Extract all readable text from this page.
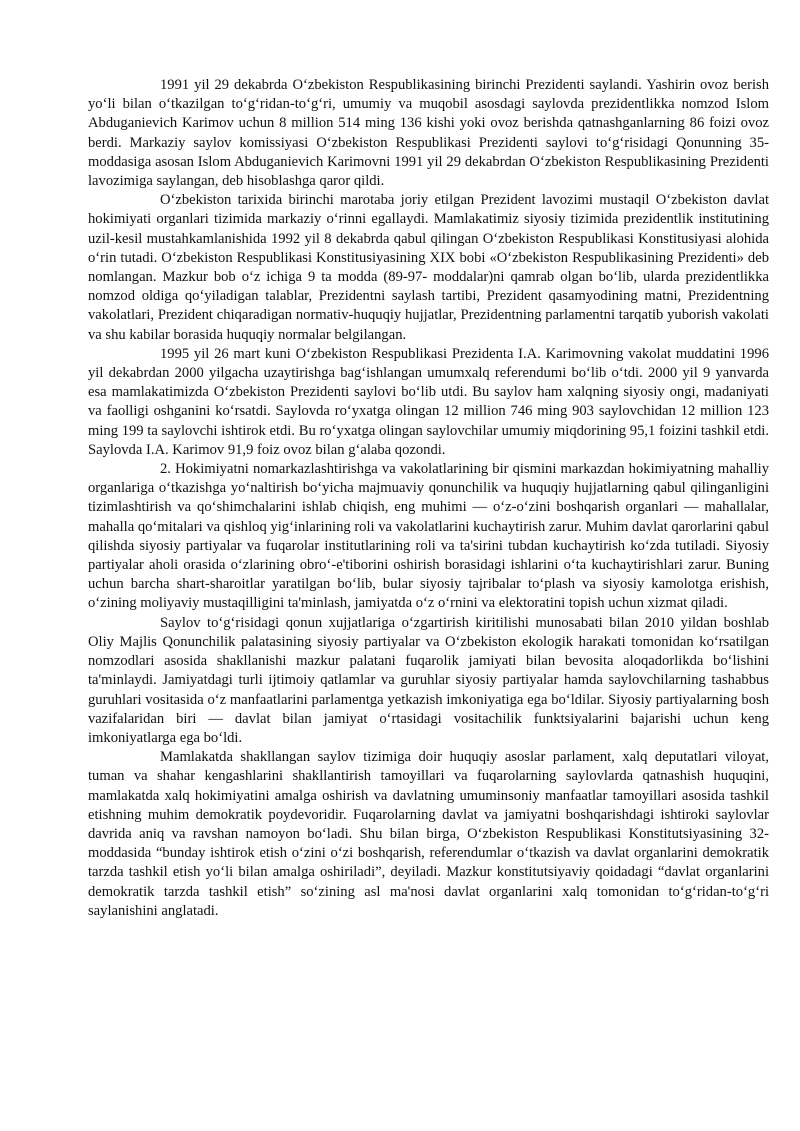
1991 yil 29 dekabrda O‘zbekiston Respublikasining birinchi Prezidenti saylandi. Yashirin ovoz berish yo‘li bilan o‘tkazilgan to‘g‘ridan-to‘g‘ri, umumiy va muqobil asosdagi saylovda prezidentlikka nomzod Islom Abduganievich Karimov uchun 8 million 514 ming 136 kishi yoki ovoz berishda qatnashganlarning 86 foizi ovoz berdi. Markaziy saylov komissiyasi O‘zbekiston Respublikasi Prezidenti saylovi to‘g‘risidagi Qonunning 35- moddasiga asosan Islom Abduganievich Karimovni 1991 yil 29 dekabrdan O‘zbekiston Respublikasining Prezidenti lavozimiga saylangan, deb hisoblashga qaror qildi.

O‘zbekiston tarixida birinchi marotaba joriy etilgan Prezident lavozimi mustaqil O‘zbekiston davlat hokimiyati organlari tizimida markaziy o‘rinni egallaydi. Mamlakatimiz siyosiy tizimida prezidentlik institutining uzil-kesil mustahkamlanishida 1992 yil 8 dekabrda qabul qilingan O‘zbekiston Respublikasi Konstitusiyasi alohida o‘rin tutadi. O‘zbekiston Respublikasi Konstitusiyasining XIX bobi «O‘zbekiston Respublikasining Prezidenti» deb nomlangan. Mazkur bob o‘z ichiga 9 ta modda (89-97- moddalar)ni qamrab olgan bo‘lib, ularda prezidentlikka nomzod oldiga qo‘yiladigan talablar, Prezidentni saylash tartibi, Prezident qasamyodining matni, Prezidentning vakolatlari, Prezident chiqaradigan normativ-huquqiy hujjatlar, Prezidentning parlamentni tarqatib yuborish vakolati va shu kabilar borasida huquqiy normalar belgilangan.

1995 yil 26 mart kuni O‘zbekiston Respublikasi Prezidenta I.A. Karimovning vakolat muddatini 1996 yil dekabrdan 2000 yilgacha uzaytirishga bag‘ishlangan umumxalq referendumi bo‘lib o‘tdi. 2000 yil 9 yanvarda esa mamlakatimizda O‘zbekiston Prezidenti saylovi bo‘lib utdi. Bu saylov ham xalqning siyosiy ongi, madaniyati va faolligi oshganini ko‘rsatdi. Saylovda ro‘yxatga olingan 12 million 746 ming 903 saylovchidan 12 million 123 ming 199 ta saylovchi ishtirok etdi. Bu ro‘yxatga olingan saylovchilar umumiy miqdorining 95,1 foizini tashkil etdi. Saylovda I.A. Karimov 91,9 foiz ovoz bilan g‘alaba qozondi.

2. Hokimiyatni nomarkazlashtirishga va vakolatlarining bir qismini markazdan hokimiyatning mahalliy organlariga o‘tkazishga yo‘naltirish bo‘yicha majmuaviy qonunchilik va huquqiy hujjatlarning qabul qilinganligini tizimlashtirish va qo‘shimchalarini ishlab chiqish, eng muhimi — o‘z-o‘zini boshqarish organlari — mahallalar, mahalla qo‘mitalari va qishloq yig‘inlarining roli va vakolatlarini kuchaytirish zarur. Muhim davlat qarorlarini qabul qilishda siyosiy partiyalar va fuqarolar institutlarining roli va ta'sirini tubdan kuchaytirish ko‘zda tutiladi. Siyosiy partiyalar aholi orasida o‘zlarining obro‘-e'tiborini oshirish borasidagi ishlarini o‘ta kuchaytirishlari zarur. Buning uchun barcha shart-sharoitlar yaratilgan bo‘lib, bular siyosiy tajribalar to‘plash va siyosiy kamolotga erishish, o‘zining moliyaviy mustaqilligini ta'minlash, jamiyatda o‘z o‘rnini va elektoratini topish uchun xizmat qiladi.

Saylov to‘g‘risidagi qonun xujjatlariga o‘zgartirish kiritilishi munosabati bilan 2010 yildan boshlab Oliy Majlis Qonunchilik palatasining siyosiy partiyalar va O‘zbekiston ekologik harakati tomonidan ko‘rsatilgan nomzodlari asosida shakllanishi mazkur palatani fuqarolik jamiyati bilan bevosita aloqadorlikda bo‘lishini ta'minlaydi. Jamiyatdagi turli ijtimoiy qatlamlar va guruhlar siyosiy partiyalar hamda saylovchilarning tashabbus guruhlari vositasida o‘z manfaatlarini parlamentga yetkazish imkoniyatiga ega bo‘ldilar. Siyosiy partiyalarning bosh vazifalaridan biri — davlat bilan jamiyat o‘rtasidagi vositachilik funktsiyalarini bajarishi uchun keng imkoniyatlarga ega bo‘ldi.

Mamlakatda shakllangan saylov tizimiga doir huquqiy asoslar parlament, xalq deputatlari viloyat, tuman va shahar kengashlarini shakllantirish tamoyillari va fuqarolarning saylovlarda qatnashish huquqini, mamlakatda xalq hokimiyatini amalga oshirish va davlatning umuminsoniy manfaatlar tamoyillari asosida tashkil etishning muhim demokratik poydevoridir. Fuqarolarning davlat va jamiyatni boshqarishdagi ishtiroki saylovlar davrida aniq va ravshan namoyon bo‘ladi. Shu bilan birga, O‘zbekiston Respublikasi Konstitutsiyasining 32-moddasida “bunday ishtirok etish o‘zini o‘zi boshqarish, referendumlar o‘tkazish va davlat organlarini demokratik tarzda tashkil etish yo‘li bilan amalga oshiriladi”, deyiladi. Mazkur konstitutsiyaviy qoidadagi “davlat organlarini demokratik tarzda tashkil etish” so‘zining asl ma'nosi davlat organlarini xalq tomonidan to‘g‘ridan-to‘g‘ri saylanishini anglatadi.
